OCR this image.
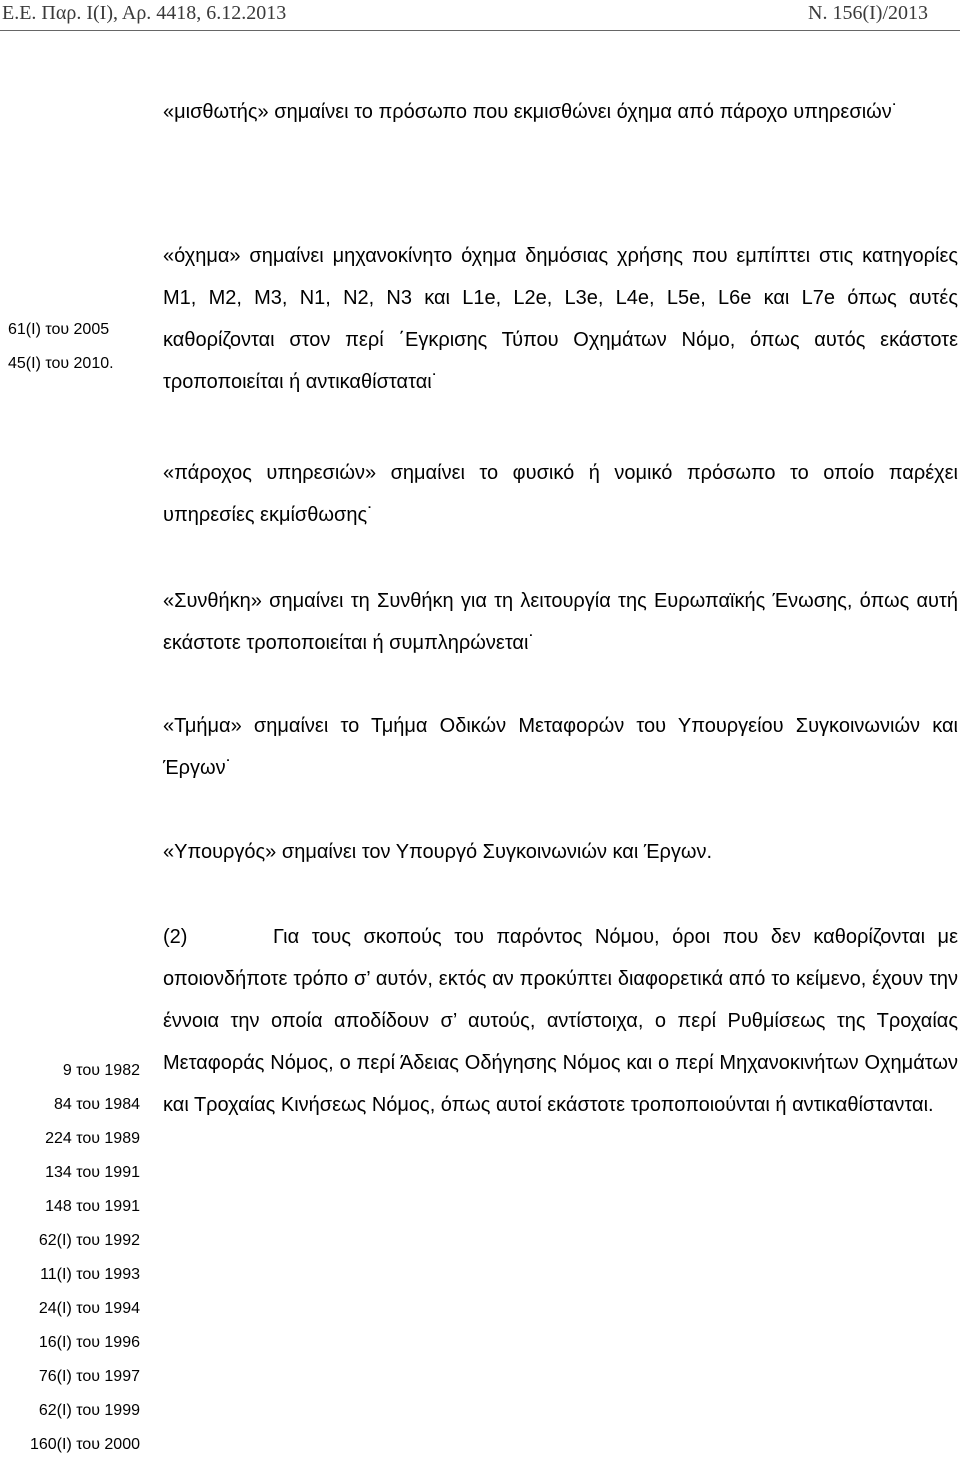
Ε.Ε. Παρ. Ι(Ι), Αρ. 4418, 6.12.2013	Ν. 156(Ι)/2013

«μισθωτής» σημαίνει το πρόσωπο που εκμισθώνει όχημα από πάροχο υπηρεσιών˙

«όχημα» σημαίνει μηχανοκίνητο όχημα δημόσιας χρήσης που εμπίπτει στις κατηγορίες M1, M2, M3, N1, N2, N3 και L1e, L2e, L3e, L4e, L5e, L6e και L7e όπως αυτές καθορίζονται στον περί ΄Εγκρισης Τύπου Οχημάτων Νόμο, όπως αυτός εκάστοτε τροποποιείται ή αντικαθίσταται˙

61(Ι) του 2005
45(Ι) του 2010.

«πάροχος υπηρεσιών» σημαίνει το φυσικό ή νομικό πρόσωπο το οποίο παρέχει υπηρεσίες εκμίσθωσης˙

«Συνθήκη» σημαίνει τη Συνθήκη για τη λειτουργία της Ευρωπαϊκής Ένωσης, όπως αυτή εκάστοτε τροποποιείται ή συμπληρώνεται˙

«Τμήμα» σημαίνει το Τμήμα Οδικών Μεταφορών του Υπουργείου Συγκοινωνιών και Έργων˙

«Υπουργός» σημαίνει τον Υπουργό Συγκοινωνιών και Έργων.

(2)	Για τους σκοπούς του παρόντος Νόμου, όροι που δεν καθορίζονται με οποιονδήποτε τρόπο σ’ αυτόν, εκτός αν προκύπτει διαφορετικά από το κείμενο, έχουν την έννοια την οποία αποδίδουν σ’ αυτούς, αντίστοιχα, ο περί Ρυθμίσεως της Τροχαίας Μεταφοράς Νόμος, ο περί Άδειας Οδήγησης Νόμος και ο περί Μηχανοκινήτων Οχημάτων και Τροχαίας Κινήσεως Νόμος, όπως αυτοί εκάστοτε τροποποιούνται ή αντικαθίστανται.

9 του 1982
84 του 1984
224 του 1989
134 του 1991
148 του 1991
62(Ι) του 1992
11(Ι) του 1993
24(Ι) του 1994
16(Ι) του 1996
76(Ι) του 1997
62(Ι) του 1999
160(Ι) του 2000
